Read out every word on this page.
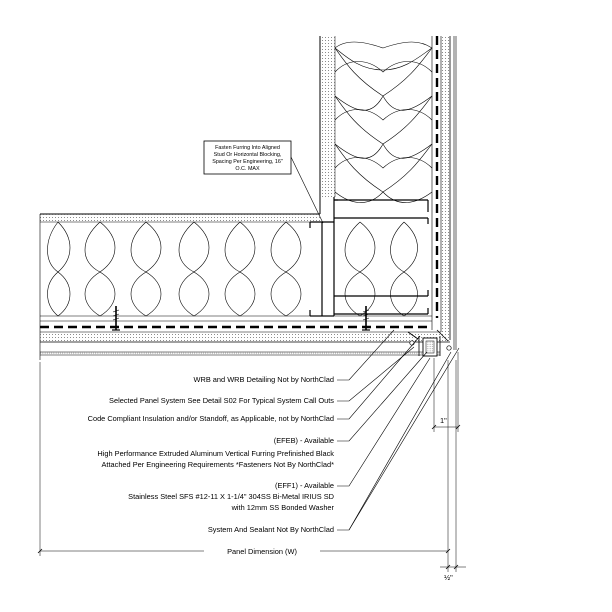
Fasten Furring Into Aligned
Stud Or Horizontal Blocking,
Spacing Per Engineering, 16"
O.C. MAX
WRB and WRB Detailing Not by NorthClad
Selected Panel System See Detail S02 For Typical System Call Outs
Code Compliant Insulation and/or Standoff, as Applicable, not by NorthClad
(EFEB) - Available
High Performance Extruded Aluminum Vertical Furring Prefinished Black
Attached Per Engineering Requirements *Fasteners Not By NorthClad*
(EFF1) - Available
Stainless Steel SFS #12-11 X 1-1/4" 304SS Bi-Metal IRIUS SD
with 12mm SS Bonded Washer
System And Sealant Not By NorthClad
1"
Panel Dimension (W)
½"
